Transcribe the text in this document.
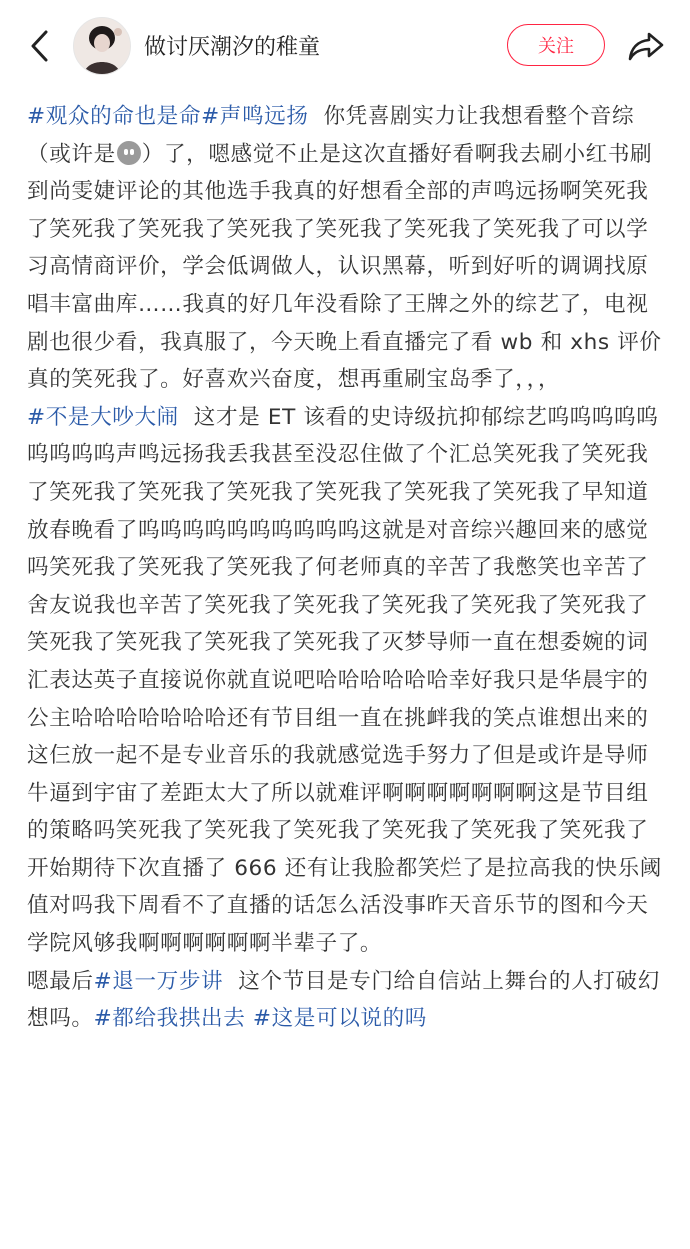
做讨厌潮汐的稚童	关注

#观众的命也是命#声鸣远扬 你凭喜剧实力让我想看整个音综（或许是 ）了，嗯感觉不止是这次直播好看啊我去刷小红书刷到尚雯婕评论的其他选手我真的好想看全部的声鸣远扬啊笑死我了笑死我了笑死我了笑死我了笑死我了笑死我了笑死我了可以学习高情商评价，学会低调做人，认识黑幕，听到好听的调调找原唱丰富曲库……我真的好几年没看除了王牌之外的综艺了，电视剧也很少看，我真服了，今天晚上看直播完了看 wb 和 xhs 评价真的笑死我了。好喜欢兴奋度，想再重刷宝岛季了，，，

#不是大吵大闹 这才是 ET 该看的史诗级抗抑郁综艺呜呜呜呜呜呜呜呜呜声鸣远扬我丢我甚至没忍住做了个汇总笑死我了笑死我了笑死我了笑死我了笑死我了笑死我了笑死我了笑死我了早知道放春晚看了呜呜呜呜呜呜呜呜呜呜这就是对音综兴趣回来的感觉吗笑死我了笑死我了笑死我了何老师真的辛苦了我憋笑也辛苦了舍友说我也辛苦了笑死我了笑死我了笑死我了笑死我了笑死我了笑死我了笑死我了笑死我了笑死我了灭梦导师一直在想委婉的词汇表达英子直接说你就直说吧哈哈哈哈哈哈幸好我只是华晨宇的公主哈哈哈哈哈哈哈还有节目组一直在挑衅我的笑点谁想出来的这仨放一起不是专业音乐的我就感觉选手努力了但是或许是导师牛逼到宇宙了差距太大了所以就难评啊啊啊啊啊啊啊这是节目组的策略吗笑死我了笑死我了笑死我了笑死我了笑死我了笑死我了开始期待下次直播了 666 还有让我脸都笑烂了是拉高我的快乐阈值对吗我下周看不了直播的话怎么活没事昨天音乐节的图和今天学院风够我啊啊啊啊啊啊半辈子了。

嗯最后#退一万步讲 这个节目是专门给自信站上舞台的人打破幻想吗。#都给我拱出去 #这是可以说的吗
